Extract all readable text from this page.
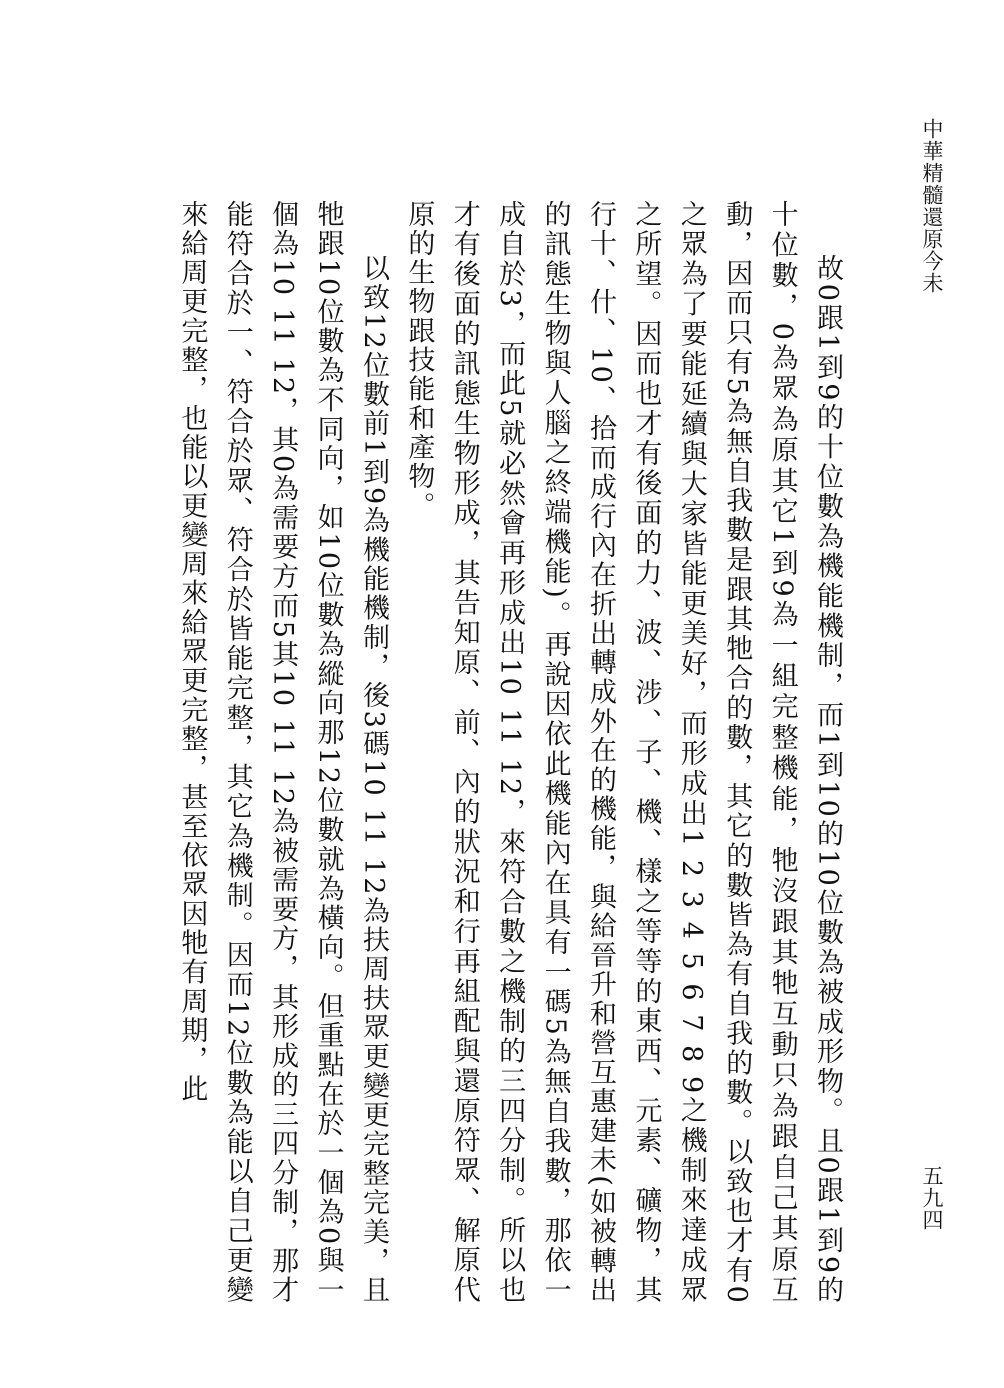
中華精髓還原今未
五九四

故0跟1到9的十位數為機能機制，而1到10的10位數為被成形物。且0跟1到9的十位數，0為眾為原其它1到9為一組完整機能，牠沒跟其牠互動只為跟自己其原互動，因而只有5為無自我數是跟其牠合的數，其它的數皆為有自我的數。以致也才有0之眾為了要能延續與大家皆能更美好，而形成出1 2 3 4 5 6 7 8 9之機制來達成眾之所望。因而也才有後面的力、波、涉、子、機、樣之等等的東西、元素、礦物，其行十、什、10、拾而成行內在折出轉成外在的機能，與給晉升和營互惠建未(如被轉出的訊態生物與人腦之終端機能)。再說因依此機能內在具有一碼5為無自我數，那依一成自於3，而此5就必然會再形成出10 11 12，來符合數之機制的三四分制。所以也才有後面的訊態生物形成，其告知原、前、內的狀況和行再組配與還原符眾、解原代原的生物跟技能和產物。

以致12位數前1到9為機能機制，後3碼10 11 12為扶周扶眾更變更完整完美，且牠跟10位數為不同向，如10位數為縱向那12位數就為橫向。但重點在於一個為0與一個為10 11 12，其0為需要方而5其10 11 12為被需要方，其形成的三四分制，那才能符合於一、符合於眾、符合於皆能完整，其它為機制。因而12位數為能以自己更變來給周更完整，也能以更變周來給眾更完整，甚至依眾因牠有周期，此
